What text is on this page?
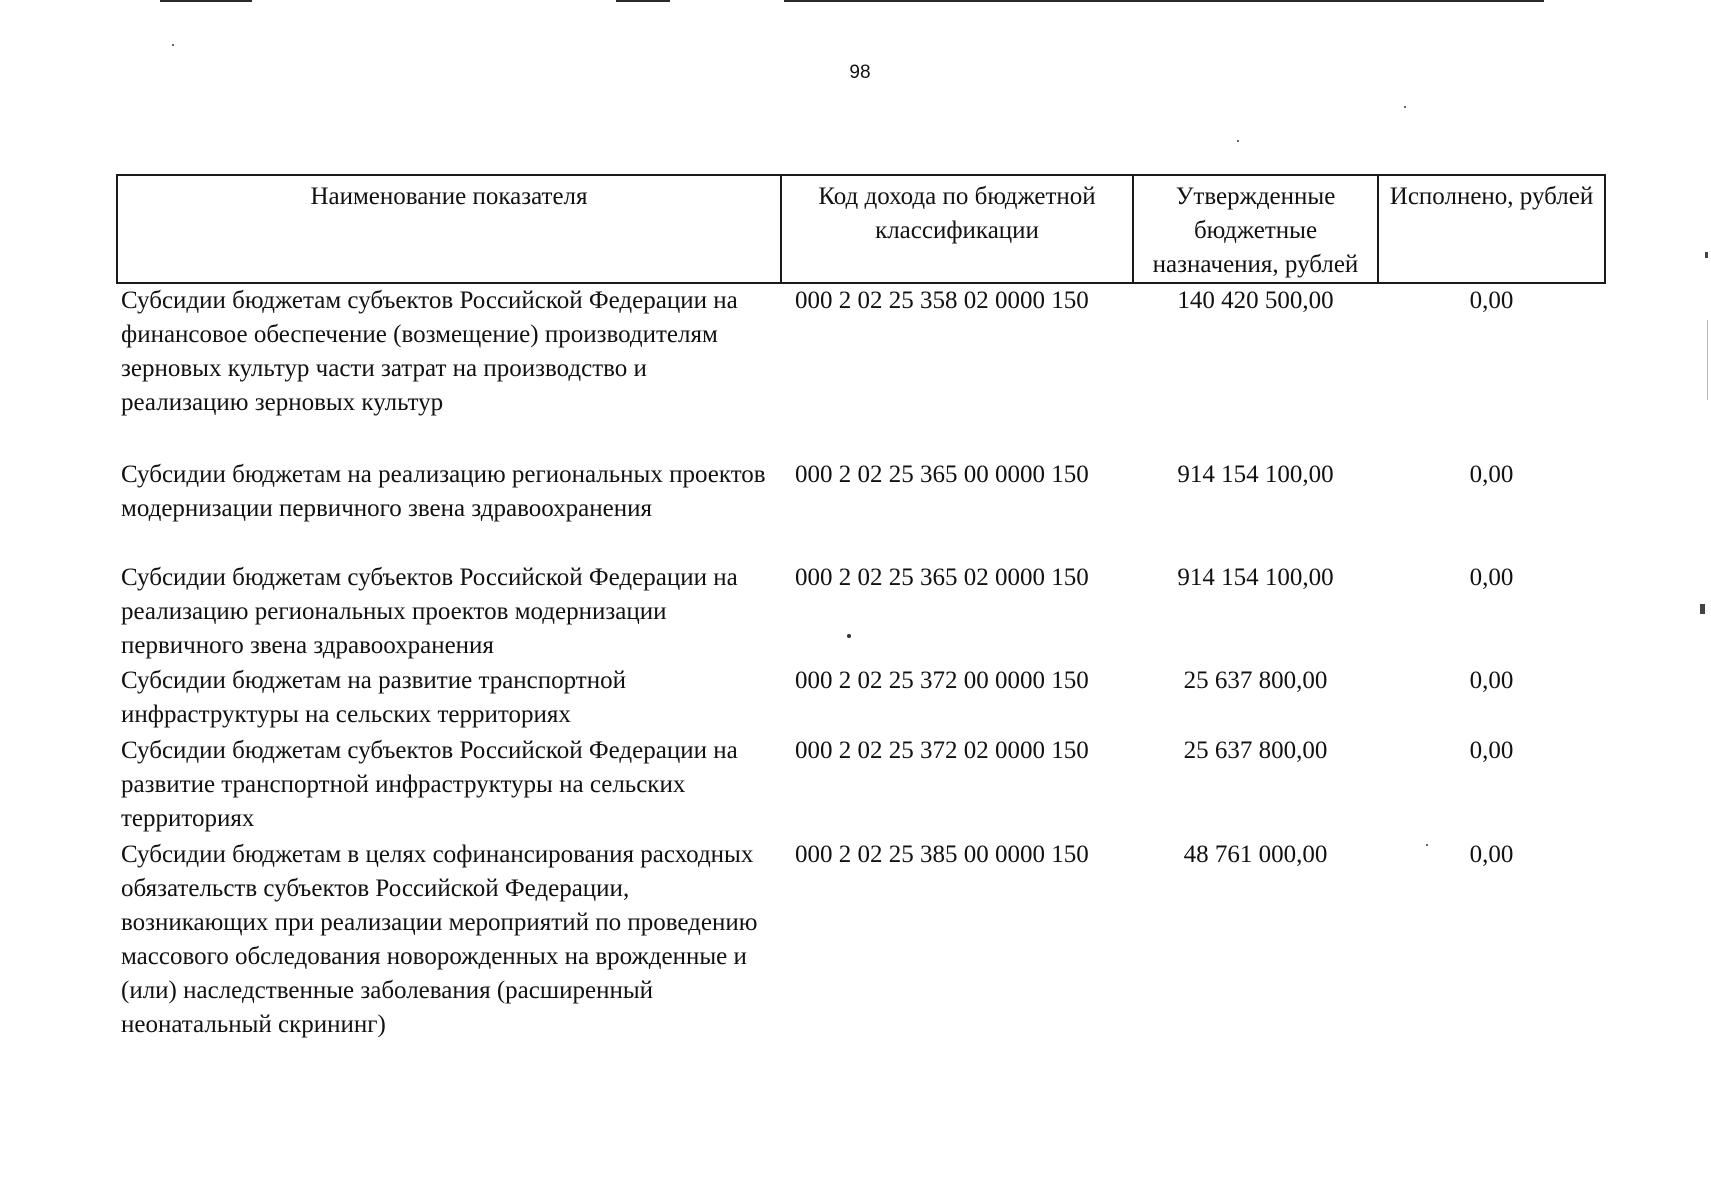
98
Наименование показателя	Код дохода по бюджетной классификации	Утвержденные бюджетные назначения, рублей	Исполнено, рублей
Субсидии бюджетам субъектов Российской Федерации на финансовое обеспечение (возмещение) производителям зерновых культур части затрат на производство и реализацию зерновых культур	000 2 02 25 358 02 0000 150	140 420 500,00	0,00
Субсидии бюджетам на реализацию региональных проектов модернизации первичного звена здравоохранения	000 2 02 25 365 00 0000 150	914 154 100,00	0,00
Субсидии бюджетам субъектов Российской Федерации на реализацию региональных проектов модернизации первичного звена здравоохранения	000 2 02 25 365 02 0000 150	914 154 100,00	0,00
Субсидии бюджетам на развитие транспортной инфраструктуры на сельских территориях	000 2 02 25 372 00 0000 150	25 637 800,00	0,00
Субсидии бюджетам субъектов Российской Федерации на развитие транспортной инфраструктуры на сельских территориях	000 2 02 25 372 02 0000 150	25 637 800,00	0,00
Субсидии бюджетам в целях софинансирования расходных обязательств субъектов Российской Федерации, возникающих при реализации мероприятий по проведению массового обследования новорожденных на врожденные и (или) наследственные заболевания (расширенный неонатальный скрининг)	000 2 02 25 385 00 0000 150	48 761 000,00	0,00
